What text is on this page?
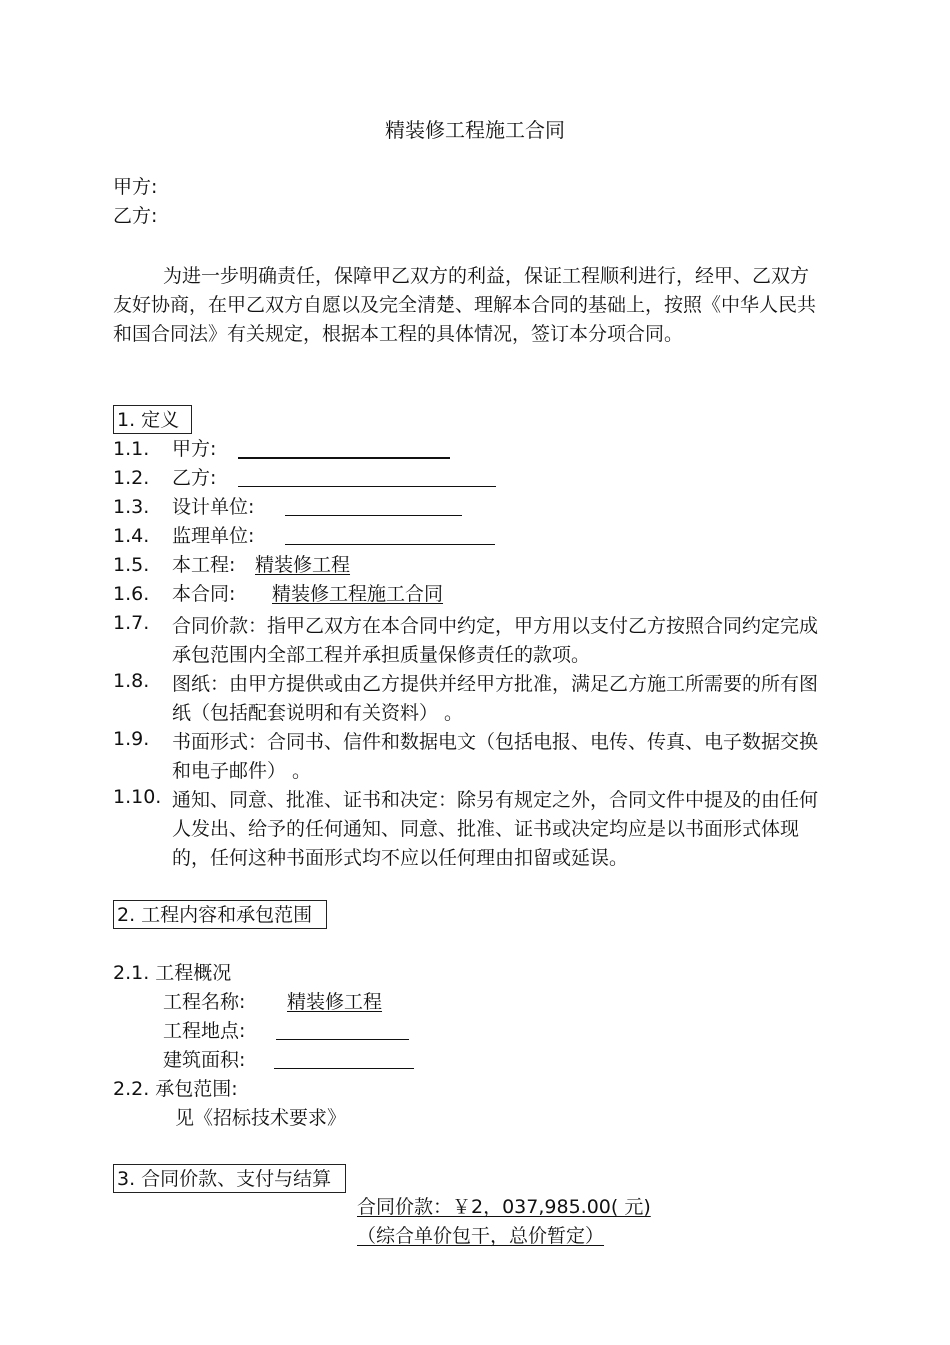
精装修工程施工合同
甲方:
乙方:
为进一步明确责任，保障甲乙双方的利益，保证工程顺利进行，经甲、乙双方友好协商，在甲乙双方自愿以及完全清楚、理解本合同的基础上，按照《中华人民共和国合同法》有关规定，根据本工程的具体情况，签订本分项合同。
1. 定义
1.1. 甲方:
1.2. 乙方:
1.3. 设计单位:
1.4. 监理单位:
1.5. 本工程: 精装修工程
1.6. 本合同:	精装修工程施工合同
1.7. 合同价款：指甲乙双方在本合同中约定，甲方用以支付乙方按照合同约定完成承包范围内全部工程并承担质量保修责任的款项。
1.8. 图纸：由甲方提供或由乙方提供并经甲方批准，满足乙方施工所需要的所有图纸（包括配套说明和有关资料） 。
1.9. 书面形式：合同书、信件和数据电文（包括电报、电传、传真、电子数据交换和电子邮件） 。
1.10. 通知、同意、批准、证书和决定：除另有规定之外，合同文件中提及的由任何人发出、给予的任何通知、同意、批准、证书或决定均应是以书面形式体现的，任何这种书面形式均不应以任何理由扣留或延误。
2. 工程内容和承包范围
2.1. 工程概况
工程名称:	精装修工程
工程地点:
建筑面积:
2.2. 承包范围:
见《招标技术要求》
3. 合同价款、支付与结算
合同价款：￥2，037,985.00( 元)
（综合单价包干，总价暂定）
